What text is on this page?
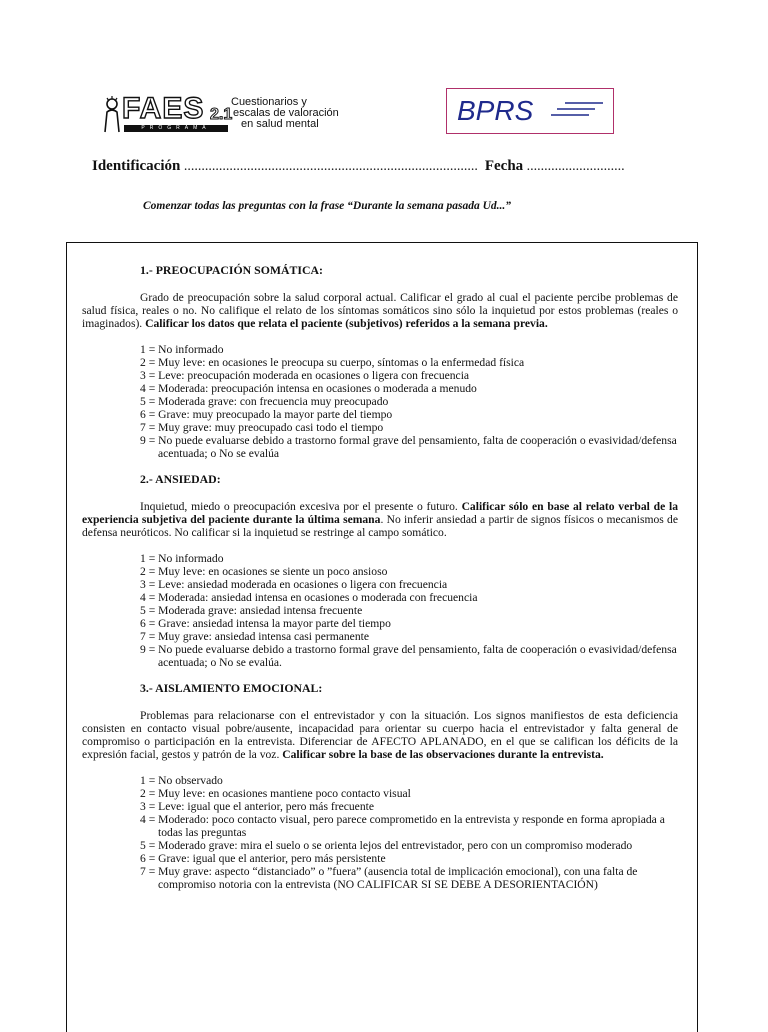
FAES 2.1
PROGRAMA
Cuestionarios y
escalas de valoración
en salud mental	BPRS
Identificación .................................................................................... Fecha ............................
Comenzar todas las preguntas con la frase “Durante la semana pasada Ud...”
1.- PREOCUPACIÓN SOMÁTICA:
Grado de preocupación sobre la salud corporal actual. Calificar el grado al cual el paciente percibe problemas de salud física, reales o no. No califique el relato de los síntomas somáticos sino sólo la inquietud por estos problemas (reales o imaginados). Calificar los datos que relata el paciente (subjetivos) referidos a la semana previa.
1 = No informado
2 = Muy leve: en ocasiones le preocupa su cuerpo, síntomas o la enfermedad física
3 = Leve: preocupación moderada en ocasiones o ligera con frecuencia
4 = Moderada: preocupación intensa en ocasiones o moderada a menudo
5 = Moderada grave: con frecuencia muy preocupado
6 = Grave: muy preocupado la mayor parte del tiempo
7 = Muy grave: muy preocupado casi todo el tiempo
9 = No puede evaluarse debido a trastorno formal grave del pensamiento, falta de cooperación o evasividad/defensa acentuada; o No se evalúa
2.- ANSIEDAD:
Inquietud, miedo o preocupación excesiva por el presente o futuro. Calificar sólo en base al relato verbal de la experiencia subjetiva del paciente durante la última semana. No inferir ansiedad a partir de signos físicos o mecanismos de defensa neuróticos. No calificar si la inquietud se restringe al campo somático.
1 = No informado
2 = Muy leve: en ocasiones se siente un poco ansioso
3 = Leve: ansiedad moderada en ocasiones o ligera con frecuencia
4 = Moderada: ansiedad intensa en ocasiones o moderada con frecuencia
5 = Moderada grave: ansiedad intensa frecuente
6 = Grave: ansiedad intensa la mayor parte del tiempo
7 = Muy grave: ansiedad intensa casi permanente
9 = No puede evaluarse debido a trastorno formal grave del pensamiento, falta de cooperación o evasividad/defensa acentuada; o No se evalúa.
3.- AISLAMIENTO EMOCIONAL:
Problemas para relacionarse con el entrevistador y con la situación. Los signos manifiestos de esta deficiencia consisten en contacto visual pobre/ausente, incapacidad para orientar su cuerpo hacia el entrevistador y falta general de compromiso o participación en la entrevista. Diferenciar de AFECTO APLANADO, en el que se califican los déficits de la expresión facial, gestos y patrón de la voz. Calificar sobre la base de las observaciones durante la entrevista.
1 = No observado
2 = Muy leve: en ocasiones mantiene poco contacto visual
3 = Leve: igual que el anterior, pero más frecuente
4 = Moderado: poco contacto visual, pero parece comprometido en la entrevista y responde en forma apropiada a todas las preguntas
5 = Moderado grave: mira el suelo o se orienta lejos del entrevistador, pero con un compromiso moderado
6 = Grave: igual que el anterior, pero más persistente
7 = Muy grave: aspecto “distanciado” o ”fuera” (ausencia total de implicación emocional), con una falta de compromiso notoria con la entrevista (NO CALIFICAR SI SE DEBE A DESORIENTACIÓN)
